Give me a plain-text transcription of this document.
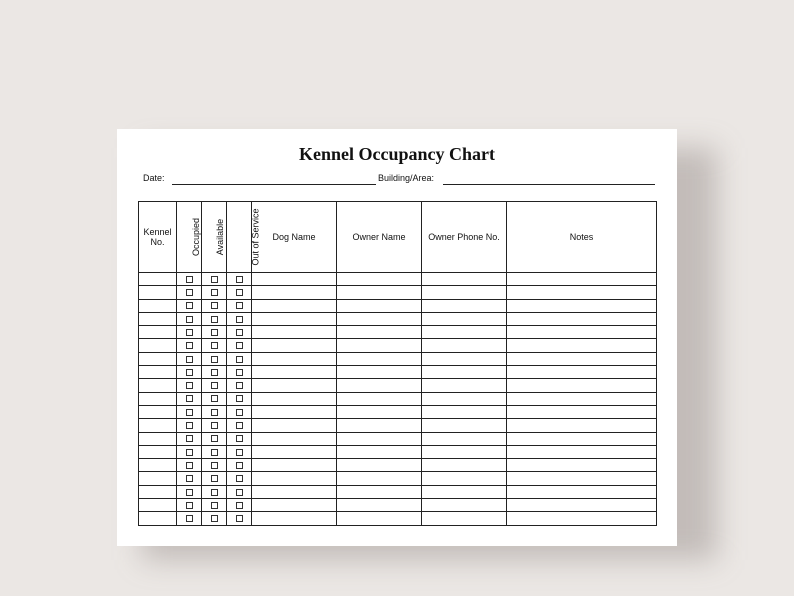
Kennel Occupancy Chart
Date:	Building/Area:
Kennel
No.	Occupied	Available	Out of Service	Dog Name	Owner Name	Owner Phone No.	Notes
